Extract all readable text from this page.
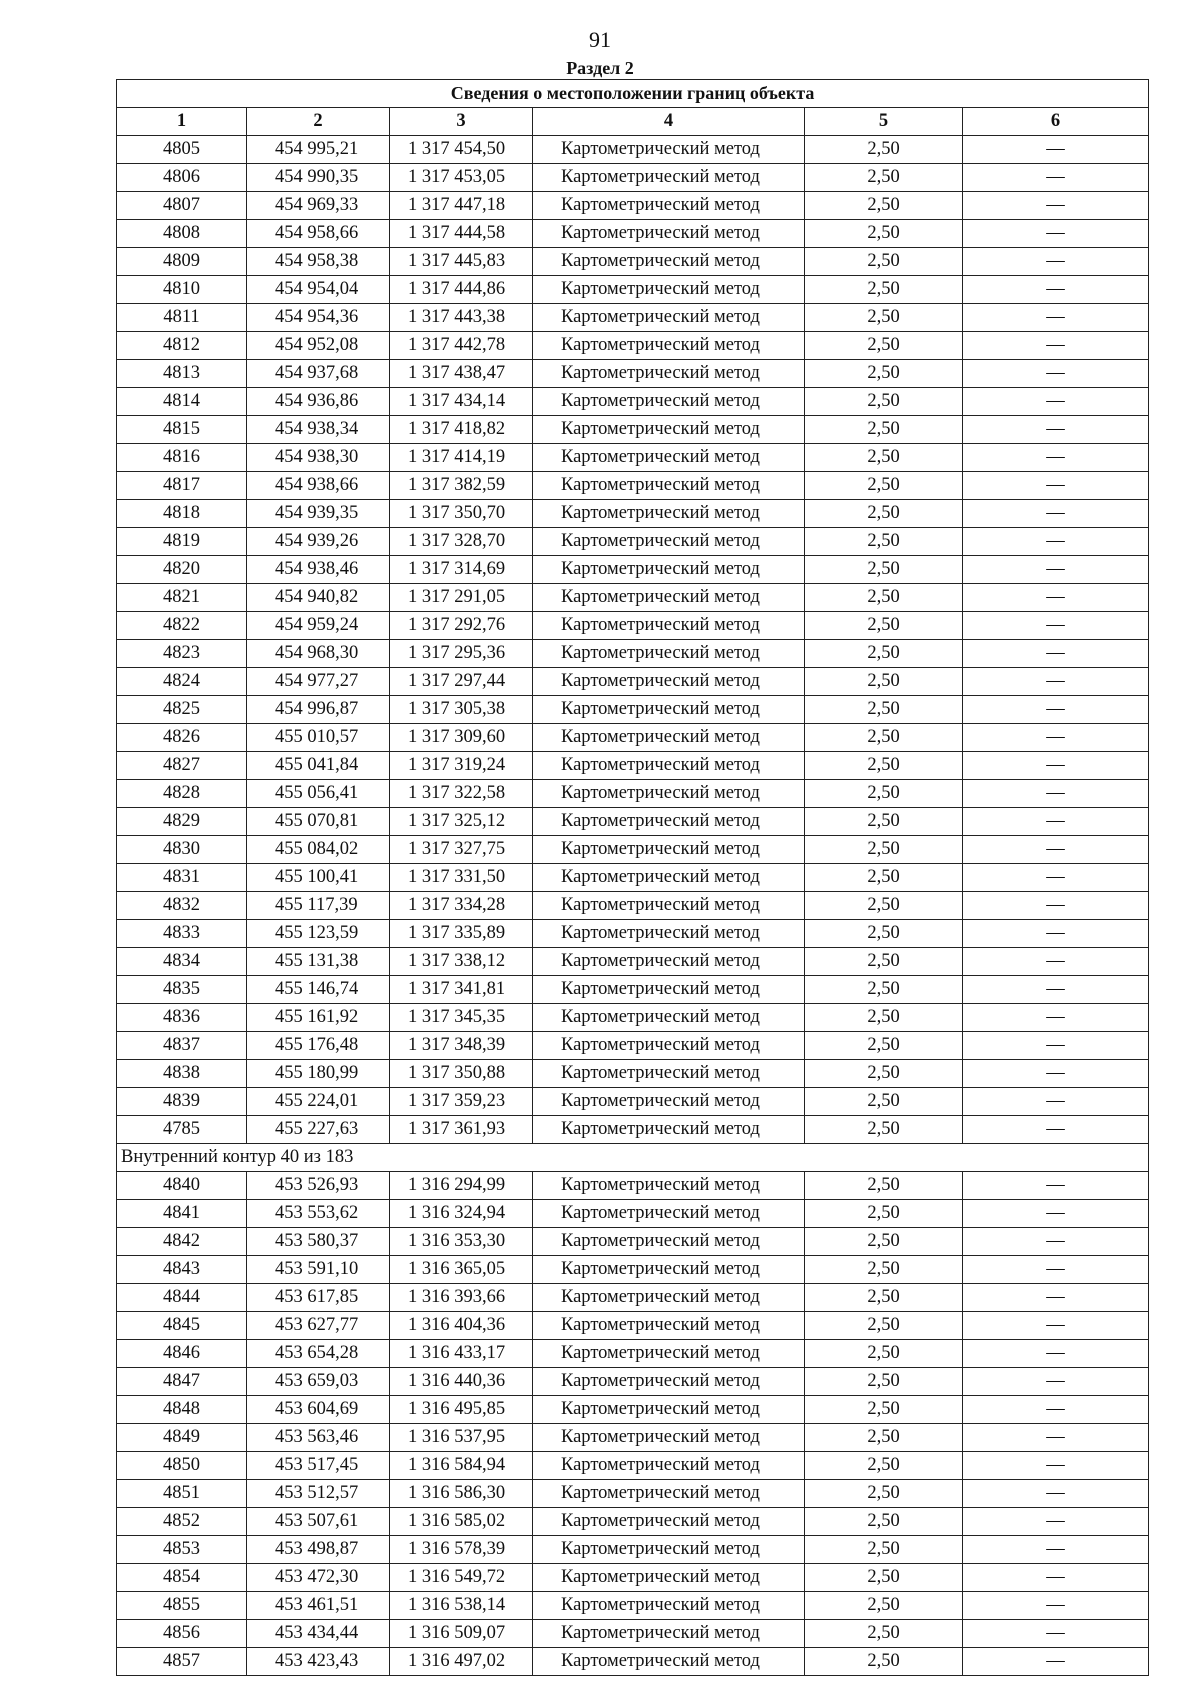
91
Раздел 2
Сведения о местоположении границ объекта					
1	2	3	4	5	6
4805	454 995,21	1 317 454,50	Картометрический метод	2,50	—
4806	454 990,35	1 317 453,05	Картометрический метод	2,50	—
4807	454 969,33	1 317 447,18	Картометрический метод	2,50	—
4808	454 958,66	1 317 444,58	Картометрический метод	2,50	—
4809	454 958,38	1 317 445,83	Картометрический метод	2,50	—
4810	454 954,04	1 317 444,86	Картометрический метод	2,50	—
4811	454 954,36	1 317 443,38	Картометрический метод	2,50	—
4812	454 952,08	1 317 442,78	Картометрический метод	2,50	—
4813	454 937,68	1 317 438,47	Картометрический метод	2,50	—
4814	454 936,86	1 317 434,14	Картометрический метод	2,50	—
4815	454 938,34	1 317 418,82	Картометрический метод	2,50	—
4816	454 938,30	1 317 414,19	Картометрический метод	2,50	—
4817	454 938,66	1 317 382,59	Картометрический метод	2,50	—
4818	454 939,35	1 317 350,70	Картометрический метод	2,50	—
4819	454 939,26	1 317 328,70	Картометрический метод	2,50	—
4820	454 938,46	1 317 314,69	Картометрический метод	2,50	—
4821	454 940,82	1 317 291,05	Картометрический метод	2,50	—
4822	454 959,24	1 317 292,76	Картометрический метод	2,50	—
4823	454 968,30	1 317 295,36	Картометрический метод	2,50	—
4824	454 977,27	1 317 297,44	Картометрический метод	2,50	—
4825	454 996,87	1 317 305,38	Картометрический метод	2,50	—
4826	455 010,57	1 317 309,60	Картометрический метод	2,50	—
4827	455 041,84	1 317 319,24	Картометрический метод	2,50	—
4828	455 056,41	1 317 322,58	Картометрический метод	2,50	—
4829	455 070,81	1 317 325,12	Картометрический метод	2,50	—
4830	455 084,02	1 317 327,75	Картометрический метод	2,50	—
4831	455 100,41	1 317 331,50	Картометрический метод	2,50	—
4832	455 117,39	1 317 334,28	Картометрический метод	2,50	—
4833	455 123,59	1 317 335,89	Картометрический метод	2,50	—
4834	455 131,38	1 317 338,12	Картометрический метод	2,50	—
4835	455 146,74	1 317 341,81	Картометрический метод	2,50	—
4836	455 161,92	1 317 345,35	Картометрический метод	2,50	—
4837	455 176,48	1 317 348,39	Картометрический метод	2,50	—
4838	455 180,99	1 317 350,88	Картометрический метод	2,50	—
4839	455 224,01	1 317 359,23	Картометрический метод	2,50	—
4785	455 227,63	1 317 361,93	Картометрический метод	2,50	—
Внутренний контур 40 из 183					
4840	453 526,93	1 316 294,99	Картометрический метод	2,50	—
4841	453 553,62	1 316 324,94	Картометрический метод	2,50	—
4842	453 580,37	1 316 353,30	Картометрический метод	2,50	—
4843	453 591,10	1 316 365,05	Картометрический метод	2,50	—
4844	453 617,85	1 316 393,66	Картометрический метод	2,50	—
4845	453 627,77	1 316 404,36	Картометрический метод	2,50	—
4846	453 654,28	1 316 433,17	Картометрический метод	2,50	—
4847	453 659,03	1 316 440,36	Картометрический метод	2,50	—
4848	453 604,69	1 316 495,85	Картометрический метод	2,50	—
4849	453 563,46	1 316 537,95	Картометрический метод	2,50	—
4850	453 517,45	1 316 584,94	Картометрический метод	2,50	—
4851	453 512,57	1 316 586,30	Картометрический метод	2,50	—
4852	453 507,61	1 316 585,02	Картометрический метод	2,50	—
4853	453 498,87	1 316 578,39	Картометрический метод	2,50	—
4854	453 472,30	1 316 549,72	Картометрический метод	2,50	—
4855	453 461,51	1 316 538,14	Картометрический метод	2,50	—
4856	453 434,44	1 316 509,07	Картометрический метод	2,50	—
4857	453 423,43	1 316 497,02	Картометрический метод	2,50	—
